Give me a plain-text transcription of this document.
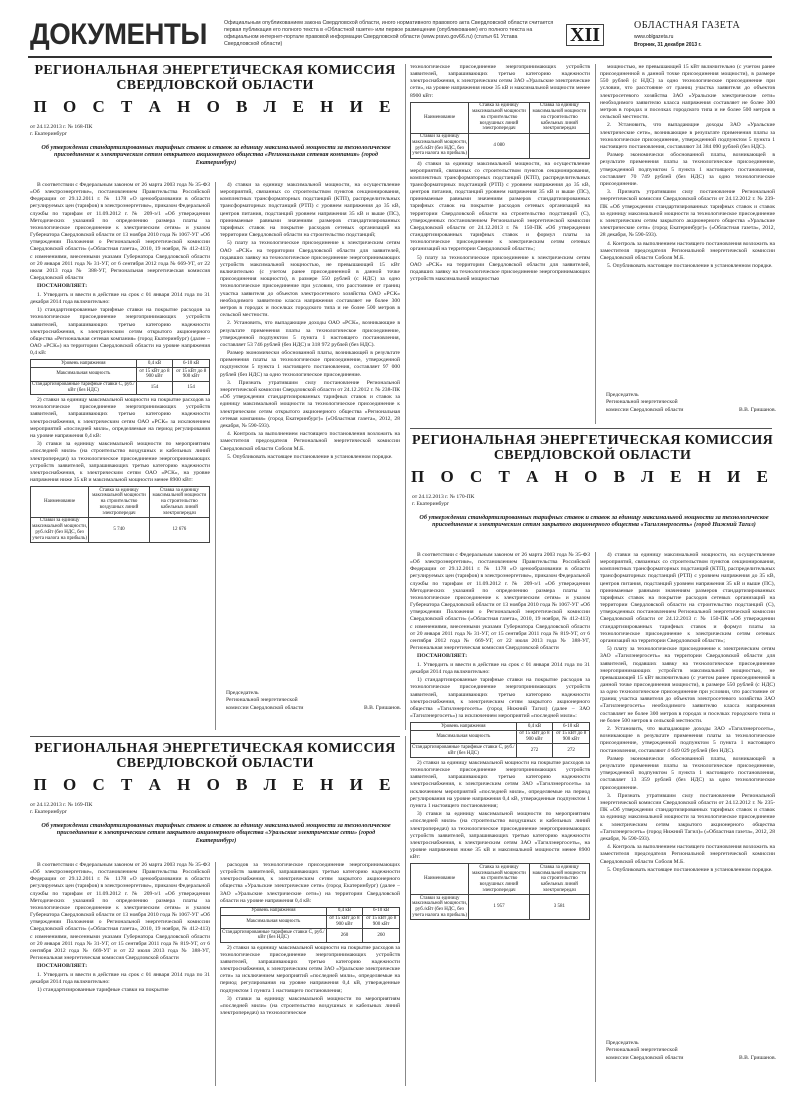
ДОКУМЕНТЫ	Официальным опубликованием закона Свердловской области, иного нормативного правового акта Свердловской области считается первая публикация его полного текста в «Областной газете» или первое размещение (опубликование) его полного текста на официальном интернет-портале правовой информации Свердловской области (www.pravo.gov66.ru) (статья 61 Устава Свердловской области)	XII	ОБЛАСТНАЯ ГАЗЕТА
www.oblgazeta.ru
Вторник, 31 декабря 2013 г.
РЕГИОНАЛЬНАЯ ЭНЕРГЕТИЧЕСКАЯ КОМИССИЯ СВЕРДЛОВСКОЙ ОБЛАСТИ
П О С Т А Н О В Л Е Н И Е
от 24.12.2013 г. № 168-ПК
г. Екатеринбург
Об утверждении стандартизированных тарифных ставок и ставок за единицу максимальной мощности за технологическое присоединение к электрическим сетям открытого акционерного общества «Региональная сетевая компания» (город Екатеринбург)

В соответствии с Федеральным законом от 26 марта 2003 года № 35-ФЗ «Об электроэнергетике», постановлением Правительства Российской Федерации от 29.12.2011 г. № 1178 «О ценообразовании в области регулируемых цен (тарифов) в электроэнергетике», приказом Федеральной службы по тарифам от 11.09.2012 г. № 209-э/1 «Об утверждении Методических указаний по определению размера платы за технологическое присоединение к электрическим сетям» и указом Губернатора Свердловской области от 13 ноября 2010 года № 1067-УГ «Об утверждении Положения о Региональной энергетической комиссии Свердловской области» («Областная газета», 2010, 19 ноября, № 412-413) с изменениями, внесенными указами Губернатора Свердловской области от 20 января 2011 года № 31-УГ, от 6 сентября 2012 года № 669-УГ, от 22 июля 2013 года № 388-УГ, Региональная энергетическая комиссия Свердловской области

ПОСТАНОВЛЯЕТ:

1. Утвердить и ввести в действие на срок с 01 января 2014 года по 31 декабря 2014 года включительно:

1) стандартизированные тарифные ставки на покрытие расходов за технологическое присоединение энергопринимающих устройств заявителей, запрашивающих третью категорию надежности электроснабжения, к электрическим сетям открытого акционерного общества «Региональная сетевая компания» (город Екатеринбург) (далее – ОАО «РСК») на территории Свердловской области на уровне напряжения 0,4 кВ:

Уровень напряжения	0,4 кВ	6-10 кВ
Максимальная мощность	от 15 кВт до 8 900 кВт	от 15 кВт до 8 900 кВт
Стандартизированные тарифные ставки С, руб./кВт (без НДС)	154	154

2) ставки за единицу максимальной мощности на покрытие расходов за технологическое присоединение энергопринимающих устройств заявителей, запрашивающих третью категорию надежности электроснабжения, к электрическим сетям ОАО «РСК» за исключением мероприятий «последней мили», определяемые на период регулирования на уровне напряжения 0,4 кВ:

3) ставки за единицу максимальной мощности по мероприятиям «последней мили» (на строительство воздушных и кабельных линий электропередач) за технологическое присоединение энергопринимающих устройств заявителей, запрашивающих третью категорию надежности электроснабжения, к электрическим сетям ОАО «РСК», на уровне напряжения ниже 35 кВ и максимальной мощности менее 8900 кВт:

Наименование	Ставка за единицу максимальной мощности на строительство воздушных линий электропередач	Ставка за единицу максимальной мощности на строительство кабельных линий электропередач
Ставки за единицу максимальной мощности, руб./кВт (без НДС, без учета налога на прибыль)	5 740	12 676

4) ставки за единицу максимальной мощности, на осуществление мероприятий, связанных со строительством пунктов секционирования, комплектных трансформаторных подстанций (КТП), распределительных трансформаторных подстанций (РТП) с уровнем напряжения до 35 кВ, центров питания, подстанций уровнем напряжения 35 кВ и выше (ПС), принимаемые равными значениям размеров стандартизированных тарифных ставок на покрытие расходов сетевых организаций на территории Свердловской области на строительство подстанций;

5) плату за технологическое присоединение к электрическим сетям ОАО «РСК» на территории Свердловской области для заявителей, подавших заявку на технологическое присоединение энергопринимающих устройств максимальной мощностью, не превышающей 15 кВт включительно (с учетом ранее присоединенной в данной точке присоединения мощности), в размере 550 рублей (с НДС) за одно технологическое присоединение при условии, что расстояние от границ участка заявителя до объектов электросетевого хозяйства ОАО «РСК» необходимого заявителю класса напряжения составляет не более 300 метров в городах и поселках городского типа и не более 500 метров в сельской местности.

2. Установить, что выпадающие доходы ОАО «РСК», возникающие в результате применения платы за технологическое присоединение, утвержденной подпунктом 5 пункта 1 настоящего постановления, составляет 53 746 рублей (без НДС) и 318 972 рублей (без НДС).

Размер экономически обоснованной платы, возникающей в результате применения платы за технологическое присоединение, утвержденной подпунктом 5 пункта 1 настоящего постановления, составляет 97 000 рублей (без НДС) за одно технологическое присоединение.

3. Признать утратившим силу постановление Региональной энергетической комиссии Свердловской области от 24.12.2012 г. № 238-ПК «Об утверждении стандартизированных тарифных ставок и ставок за единицу максимальной мощности за технологическое присоединение к электрическим сетям открытого акционерного общества «Региональная сетевая компания» (город Екатеринбург)» («Областная газета», 2012, 28 декабря, № 590-593).

4. Контроль за выполнением настоящего постановления возложить на заместителя председателя Региональной энергетической комиссии Свердловской области Соболя М.Б.

5. Опубликовать настоящее постановление в установленном порядке.

Председатель
Региональной энергетической
комиссии Свердловской области	В.В. Гришанов.
технологическое присоединение энергопринимающих устройств заявителей, запрашивающих третью категорию надежности электроснабжения, к электрическим сетям ЗАО «Уральские электрические сети», на уровне напряжения ниже 35 кВ и максимальной мощности менее 8900 кВт:
Наименование	Ставка за единицу максимальной мощности на строительство воздушных линий электропередач	Ставка за единицу максимальной мощности на строительство кабельных линий электропередач
Ставки за единицу максимальной мощности, руб./кВт (без НДС, без учета налога на прибыль)	4 080	

4) ставки за единицу максимальной мощности, на осуществление мероприятий, связанных со строительством пунктов секционирования, комплектных трансформаторных подстанций (КТП), распределительных трансформаторных подстанций (РТП) с уровнем напряжения до 35 кВ, центров питания, подстанций уровнем напряжения 35 кВ и выше (ПС), принимаемые равными значениям размеров стандартизированных тарифных ставок на покрытие расходов сетевых организаций на территории Свердловской области на строительство подстанций (С), утвержденных постановлением Региональной энергетической комиссии Свердловской области от 24.12.2013 г. № 150-ПК «Об утверждении стандартизированных тарифных ставок и формул платы за технологическое присоединение к электрическим сетям сетевых организаций на территории Свердловской области»;

5) плату за технологическое присоединение к электрическим сетям ОАО «РСК» на территории Свердловской области для заявителей, подавших заявку на технологическое присоединение энергопринимающих устройств максимальной мощностью

мощностью, не превышающей 15 кВт включительно (с учетом ранее присоединенной в данной точке присоединения мощности), в размере 550 рублей (с НДС) за одно технологическое присоединение при условии, что расстояние от границ участка заявителя до объектов электросетевого хозяйства ЗАО «Уральские электрические сети» необходимого заявителю класса напряжения составляет не более 300 метров в городах и поселках городского типа и не более 500 метров в сельской местности.

2. Установить, что выпадающие доходы ЗАО «Уральские электрические сети», возникающие в результате применения платы за технологическое присоединение, утвержденной подпунктом 5 пункта 1 настоящего постановления, составляют 34 384 090 рублей (без НДС).

Размер экономически обоснованной платы, возникающей в результате применения платы за технологическое присоединение, утвержденной подпунктом 5 пункта 1 настоящего постановления, составляет 70 749 рублей (без НДС) за одно технологическое присоединение.

3. Признать утратившим силу постановление Региональной энергетической комиссии Свердловской области от 24.12.2012 г. № 239-ПК «Об утверждении стандартизированных тарифных ставок и ставок за единицу максимальной мощности за технологическое присоединение к электрическим сетям закрытого акционерного общества «Уральские электрические сети» (город Екатеринбург)» («Областная газета», 2012, 28 декабря, № 590-593).

4. Контроль за выполнением настоящего постановления возложить на заместителя председателя Региональной энергетической комиссии Свердловской области Соболя М.Б.

5. Опубликовать настоящее постановление в установленном порядке.

Председатель
Региональной энергетической
комиссии Свердловской области	В.В. Гришанов.
РЕГИОНАЛЬНАЯ ЭНЕРГЕТИЧЕСКАЯ КОМИССИЯ СВЕРДЛОВСКОЙ ОБЛАСТИ
П О С Т А Н О В Л Е Н И Е
от 24.12.2013 г. № 170-ПК
г. Екатеринбург
Об утверждении стандартизированных тарифных ставок и ставок за единицу максимальной мощности за технологическое присоединение к электрическим сетям закрытого акционерного общества «Тагилэнергосеть» (город Нижний Тагил)

В соответствии с Федеральным законом от 26 марта 2003 года № 35-ФЗ «Об электроэнергетике», постановлением Правительства Российской Федерации от 29.12.2011 г. № 1178 «О ценообразовании в области регулируемых цен (тарифов) в электроэнергетике», приказом Федеральной службы по тарифам от 11.09.2012 г. № 209-э/1 «Об утверждении Методических указаний по определению размера платы за технологическое присоединение к электрическим сетям» и указом Губернатора Свердловской области от 13 ноября 2010 года № 1067-УГ «Об утверждении Положения о Региональной энергетической комиссии Свердловской области» («Областная газета», 2010, 19 ноября, № 412-413) с изменениями, внесенными указами Губернатора Свердловской области от 20 января 2011 года № 31-УГ, от 15 сентября 2011 года № 819-УГ, от 6 сентября 2012 года № 669-УГ, от 22 июля 2013 года № 388-УГ, Региональная энергетическая комиссия Свердловской области

ПОСТАНОВЛЯЕТ:

1. Утвердить и ввести в действие на срок с 01 января 2014 года по 31 декабря 2014 года включительно:

1) стандартизированные тарифные ставки на покрытие расходов за технологическое присоединение энергопринимающих устройств заявителей, запрашивающих третью категорию надежности электроснабжения, к электрическим сетям закрытого акционерного общества «Тагилэнергосеть» (город Нижний Тагил) (далее – ЗАО «Тагилэнергосеть») за исключением мероприятий «последней мили»:

Уровень напряжения	0,4 кВ	6-10 кВ
Максимальная мощность	от 15 кВт до 8 900 кВт	от 15 кВт до 8 900 кВт
Стандартизированные тарифные ставки С, руб./кВт (без НДС)	272	272

2) ставки за единицу максимальной мощности на покрытие расходов за технологическое присоединение энергопринимающих устройств заявителей, запрашивающих третью категорию надежности электроснабжения, к электрическим сетям ЗАО «Тагилэнергосеть» за исключением мероприятий «последней мили», определяемые на период регулирования на уровне напряжения 0,4 кВ, утвержденные подпунктом 1 пункта 1 настоящего постановления;

3) ставки за единицу максимальной мощности по мероприятиям «последней мили» (на строительство воздушных и кабельных линий электропередач) за технологическое присоединение энергопринимающих устройств заявителей, запрашивающих третью категорию надежности электроснабжения, к электрическим сетям ЗАО «Тагилэнергосеть», на уровне напряжения ниже 35 кВ и максимальной мощности менее 8900 кВт:

Наименование	Ставка за единицу максимальной мощности на строительство воздушных линий электропередач	Ставка за единицу максимальной мощности на строительство кабельных линий электропередач
Ставки за единицу максимальной мощности, руб./кВт (без НДС, без учета налога на прибыль)	1 957	3 581

4) ставки за единицу максимальной мощности, на осуществление мероприятий, связанных со строительством пунктов секционирования, комплектных трансформаторных подстанций (КТП), распределительных трансформаторных подстанций (РТП) с уровнем напряжения до 35 кВ, центров питания, подстанций уровнем напряжения 35 кВ и выше (ПС), принимаемые равными значениям размеров стандартизированных тарифных ставок на покрытие расходов сетевых организаций на территории Свердловской области на строительство подстанций (С), утвержденных постановлением Региональной энергетической комиссии Свердловской области от 24.12.2013 г. № 150-ПК «Об утверждении стандартизированных тарифных ставок и формул платы за технологическое присоединение к электрическим сетям сетевых организаций на территории Свердловской области»;

5) плату за технологическое присоединение к электрическим сетям ЗАО «Тагилэнергосеть» на территории Свердловской области для заявителей, подавших заявку на технологическое присоединение энергопринимающих устройств максимальной мощностью, не превышающей 15 кВт включительно (с учетом ранее присоединенной в данной точке присоединения мощности), в размере 550 рублей (с НДС) за одно технологическое присоединение при условии, что расстояние от границ участка заявителя до объектов электросетевого хозяйства ЗАО «Тагилэнергосеть» необходимого заявителю класса напряжения составляет не более 300 метров в городах и поселках городского типа и не более 500 метров в сельской местности.

2. Установить, что выпадающие доходы ЗАО «Тагилэнергосеть», возникающие в результате применения платы за технологическое присоединение, утвержденной подпунктом 5 пункта 1 настоящего постановления, составляют 4 649 029 рублей (без НДС).

Размер экономически обоснованной платы, возникающей в результате применения платы за технологическое присоединение, утвержденной подпунктом 5 пункта 1 настоящего постановления, составляет 13 359 рублей (без НДС) за одно технологическое присоединение.

3. Признать утратившим силу постановление Региональной энергетической комиссии Свердловской области от 24.12.2012 г. № 235-ПК «Об утверждении стандартизированных тарифных ставок и ставок за единицу максимальной мощности за технологическое присоединение к электрическим сетям закрытого акционерного общества «Тагилэнергосеть» (город Нижний Тагил)» («Областная газета», 2012, 28 декабря, № 590-593).

4. Контроль за выполнением настоящего постановления возложить на заместителя председателя Региональной энергетической комиссии Свердловской области Соболя М.Б.

5. Опубликовать настоящее постановление в установленном порядке.

Председатель
Региональной энергетической
комиссии Свердловской области	В.В. Гришанов.
РЕГИОНАЛЬНАЯ ЭНЕРГЕТИЧЕСКАЯ КОМИССИЯ СВЕРДЛОВСКОЙ ОБЛАСТИ
П О С Т А Н О В Л Е Н И Е
от 24.12.2013 г. № 169-ПК
г. Екатеринбург
Об утверждении стандартизированных тарифных ставок и ставок за единицу максимальной мощности за технологическое присоединение к электрическим сетям закрытого акционерного общества «Уральские электрические сети» (город Екатеринбург)

В соответствии с Федеральным законом от 26 марта 2003 года № 35-ФЗ «Об электроэнергетике», постановлением Правительства Российской Федерации от 29.12.2011 г. № 1178 «О ценообразовании в области регулируемых цен (тарифов) в электроэнергетике», приказом Федеральной службы по тарифам от 11.09.2012 г. № 209-э/1 «Об утверждении Методических указаний по определению размера платы за технологическое присоединение к электрическим сетям» и указом Губернатора Свердловской области от 13 ноября 2010 года № 1067-УГ «Об утверждении Положения о Региональной энергетической комиссии Свердловской области» («Областная газета», 2010, 19 ноября, № 412-413) с изменениями, внесенными указами Губернатора Свердловской области от 20 января 2011 года № 31-УГ, от 15 сентября 2011 года № 819-УГ, от 6 сентября 2012 года № 669-УГ и от 22 июля 2013 года № 388-УГ, Региональная энергетическая комиссия Свердловской области

ПОСТАНОВЛЯЕТ:

1. Утвердить и ввести в действие на срок с 01 января 2014 года по 31 декабря 2014 года включительно:

1) стандартизированные тарифные ставки на покрытие

расходов за технологическое присоединение энергопринимающих устройств заявителей, запрашивающих третью категорию надежности электроснабжения, к электрическим сетям закрытого акционерного общества «Уральские электрические сети» (город Екатеринбург) (далее – ЗАО «Уральские электрические сети») на территории Свердловской области на уровне напряжения 0,4 кВ:

Уровень напряжения	0,4 кВ	6-10 кВ
Максимальная мощность	от 15 кВт до 8 900 кВт	от 15 кВт до 8 900 кВт
Стандартизированные тарифные ставки С, руб./кВт (без НДС)	260	260

2) ставки за единицу максимальной мощности на покрытие расходов за технологическое присоединение энергопринимающих устройств заявителей, запрашивающих третью категорию надежности электроснабжения, к электрическим сетям ЗАО «Уральские электрические сети» за исключением мероприятий «последней мили», определяемые на период регулирования на уровне напряжения 0,4 кВ, утвержденные подпунктом 1 пункта 1 настоящего постановления;

3) ставки за единицу максимальной мощности по мероприятиям «последней мили» (на строительство воздушных и кабельных линий электропередач) за технологическое
